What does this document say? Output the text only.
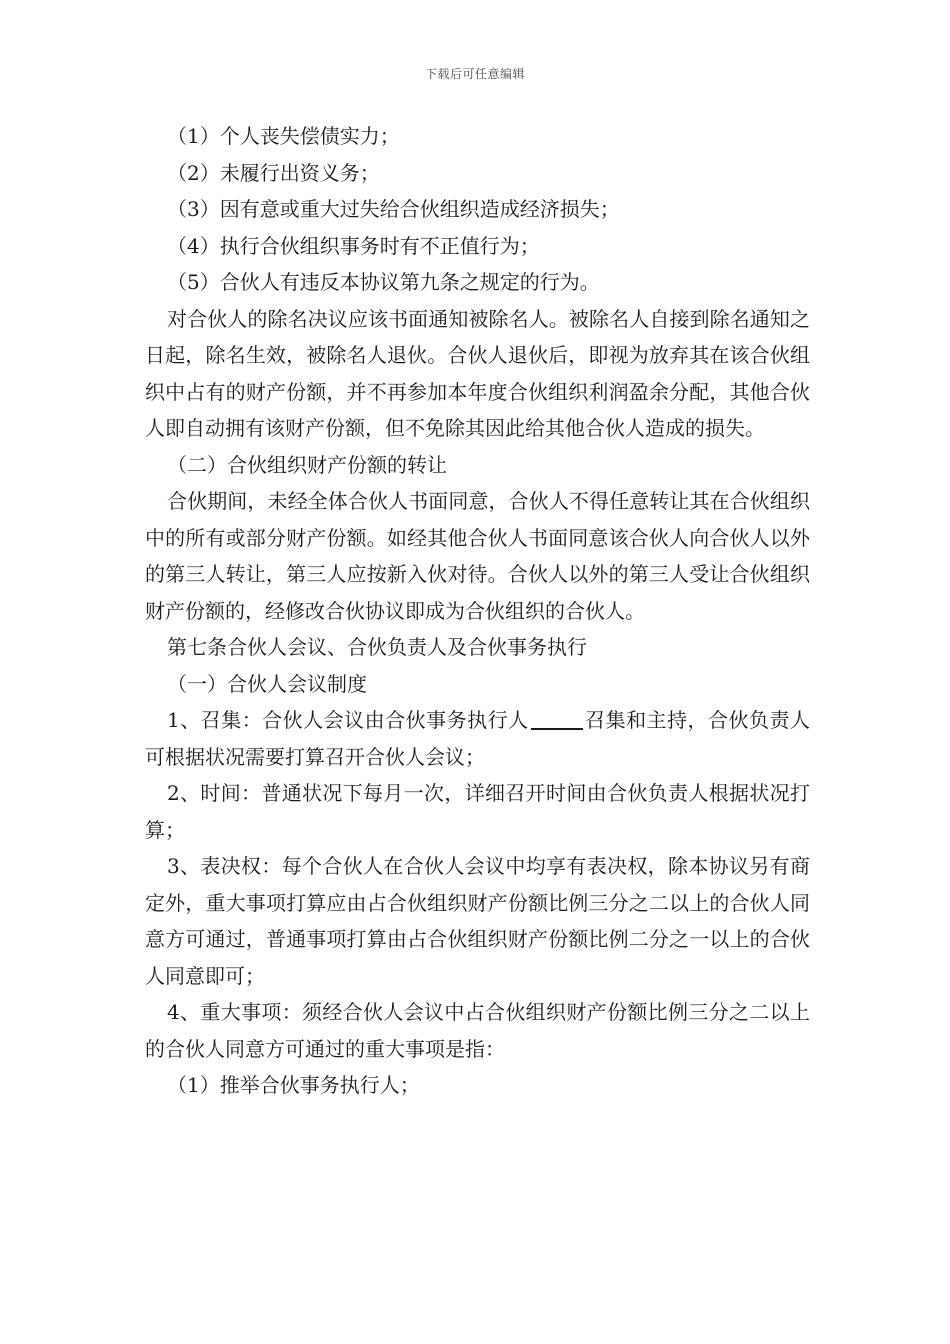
下载后可任意编辑

（1）个人丧失偿债实力；

（2）未履行出资义务；

（3）因有意或重大过失给合伙组织造成经济损失；

（4）执行合伙组织事务时有不正值行为；

（5）合伙人有违反本协议第九条之规定的行为。

对合伙人的除名决议应该书面通知被除名人。被除名人自接到除名通知之日起，除名生效，被除名人退伙。合伙人退伙后，即视为放弃其在该合伙组织中占有的财产份额，并不再参加本年度合伙组织利润盈余分配，其他合伙人即自动拥有该财产份额，但不免除其因此给其他合伙人造成的损失。

（二）合伙组织财产份额的转让

合伙期间，未经全体合伙人书面同意，合伙人不得任意转让其在合伙组织中的所有或部分财产份额。如经其他合伙人书面同意该合伙人向合伙人以外的第三人转让，第三人应按新入伙对待。合伙人以外的第三人受让合伙组织财产份额的，经修改合伙协议即成为合伙组织的合伙人。

第七条合伙人会议、合伙负责人及合伙事务执行

（一）合伙人会议制度

1、召集：合伙人会议由合伙事务执行人	召集和主持，合伙负责人可根据状况需要打算召开合伙人会议；

2、时间：普通状况下每月一次，详细召开时间由合伙负责人根据状况打算；

3、表决权：每个合伙人在合伙人会议中均享有表决权，除本协议另有商定外，重大事项打算应由占合伙组织财产份额比例三分之二以上的合伙人同意方可通过，普通事项打算由占合伙组织财产份额比例二分之一以上的合伙人同意即可；

4、重大事项：须经合伙人会议中占合伙组织财产份额比例三分之二以上的合伙人同意方可通过的重大事项是指：

（1）推举合伙事务执行人；
